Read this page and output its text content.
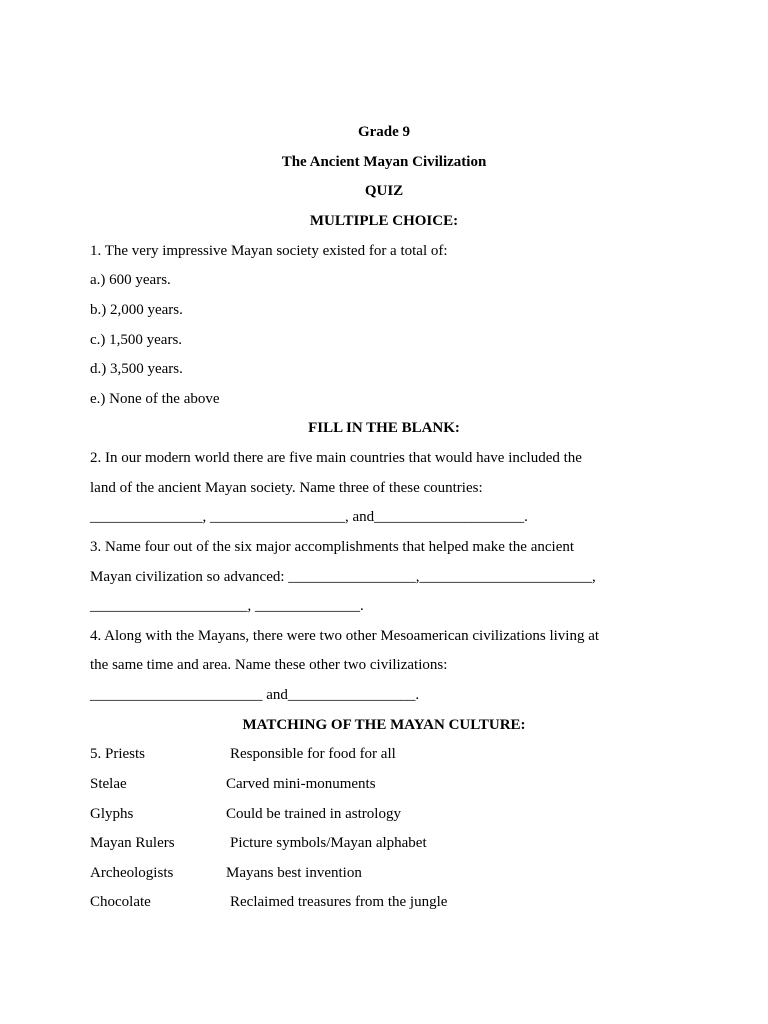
Grade 9
The Ancient Mayan Civilization
QUIZ
MULTIPLE CHOICE:
1. The very impressive Mayan society existed for a total of:
a.) 600 years.
b.) 2,000 years.
c.) 1,500 years.
d.) 3,500 years.
e.) None of the above
FILL IN THE BLANK:
2. In our modern world there are five main countries that would have included the
land of the ancient Mayan society. Name three of these countries:
_______________, __________________, and____________________.
3. Name four out of the six major accomplishments that helped make the ancient
Mayan civilization so advanced: _________________,_______________________,
_____________________, ______________.
4. Along with the Mayans, there were two other Mesoamerican civilizations living at
the same time and area. Name these other two civilizations:
_______________________ and_________________.
MATCHING OF THE MAYAN CULTURE:
5. Priests	Responsible for food for all
Stelae	Carved mini-monuments
Glyphs	Could be trained in astrology
Mayan Rulers	Picture symbols/Mayan alphabet
Archeologists	Mayans best invention
Chocolate	Reclaimed treasures from the jungle
